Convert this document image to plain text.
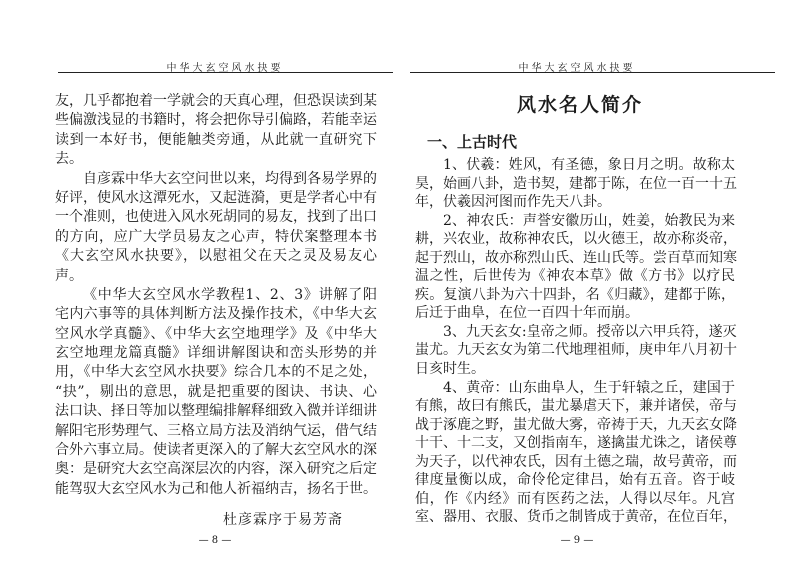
中华大玄空风水抉要
友，几乎都抱着一学就会的天真心理，但恐误读到某
些偏激浅显的书籍时，将会把你导引偏路，若能幸运
读到一本好书，便能触类旁通，从此就一直研究下
去。
自彦霖中华大玄空问世以来，均得到各易学界的
好评，使风水这潭死水，又起涟漪，更是学者心中有
一个准则，也使进入风水死胡同的易友，找到了出口
的方向，应广大学员易友之心声，特伏案整理本书
《大玄空风水抉要》，以慰祖父在天之灵及易友心
声。
《中华大玄空风水学教程1、2、3》讲解了阳
宅内六事等的具体判断方法及操作技术，《中华大玄
空风水学真髓》、《中华大玄空地理学》及《中华大
玄空地理龙篇真髓》详细讲解图诀和峦头形势的并
用，《中华大玄空风水抉要》综合几本的不足之处，
“抉”，剔出的意思，就是把重要的图诀、书诀、心
法口诀、择日等加以整理编排解释细致入微并详细讲
解阳宅形势理气、三格立局方法及消纳气运，借气结
合外六事立局。使读者更深入的了解大玄空风水的深
奥：是研究大玄空高深层次的内容，深入研究之后定
能驾驭大玄空风水为己和他人祈福纳吉，扬名于世。
杜彦霖序于易芳斋
— 8 —
中华大玄空风水抉要
风水名人简介
一、上古时代
1、伏羲：姓风，有圣德，象日月之明。故称太
昊，始画八卦，造书契，建都于陈，在位一百一十五
年，伏羲因河图而作先天八卦。
2、神农氏：声誉安徽历山，姓姜，始教民为来
耕，兴农业，故称神农氏，以火德王，故亦称炎帝，
起于烈山，故亦称烈山氏、连山氏等。尝百草而知寒
温之性，后世传为《神农本草》做《方书》以疗民
疾。复演八卦为六十四卦，名《归藏》，建都于陈，
后迁于曲阜，在位一百四十年而崩。
3、九天玄女:皇帝之师。授帝以六甲兵符，遂灭
蚩尤。九天玄女为第二代地理祖师，庚申年八月初十
日亥时生。
4、黄帝：山东曲阜人，生于轩辕之丘，建国于
有熊，故曰有熊氏，蚩尤暴虐天下，兼并诸侯，帝与
战于涿鹿之野，蚩尤做大雾，帝祷于天，九天玄女降
十干、十二支，又创指南车，遂擒蚩尤诛之，诸侯尊
为天子，以代神农氏，因有土德之瑞，故号黄帝，而
律度量衡以成，命伶伦定律吕，始有五音。咨于岐
伯，作《内经》而有医药之法，人得以尽年。凡宫
室、器用、衣服、货币之制皆成于黄帝，在位百年，
— 9 —
